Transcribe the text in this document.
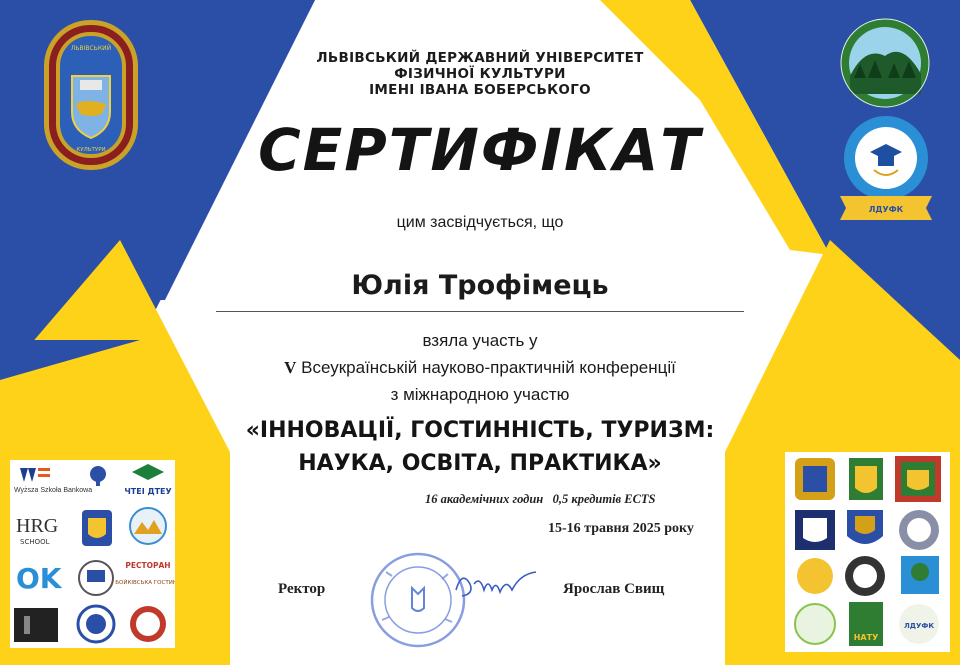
ЛЬВІВСЬКИЙ
КУЛЬТУРИ
ЛДУФК
ЛЬВІВСЬКИЙ ДЕРЖАВНИЙ УНІВЕРСИТЕТ
ФІЗИЧНОЇ КУЛЬТУРИ
ІМЕНІ ІВАНА БОБЕРСЬКОГО
СЕРТИФІКАТ
цим засвідчується, що
Юлія Трофімець
взяла участь у
V Всеукраїнській науково-практичній конференції
з міжнародною участю
«ІННОВАЦІЇ, ГОСТИННІСТЬ, ТУРИЗМ:
НАУКА, ОСВІТА, ПРАКТИКА»
16 академічних годин   0,5 кредитів ECTS
15-16 травня 2025 року
Ректор	Ярослав Свищ
Wyższa Szkoła Bankowa	ЧТЕІ ДТЕУ
HRG
SCHOOL
OK	РЕСТОРАН
БОЙКІВСЬКА ГОСТИНА
НАТУ
ЛДУФК
